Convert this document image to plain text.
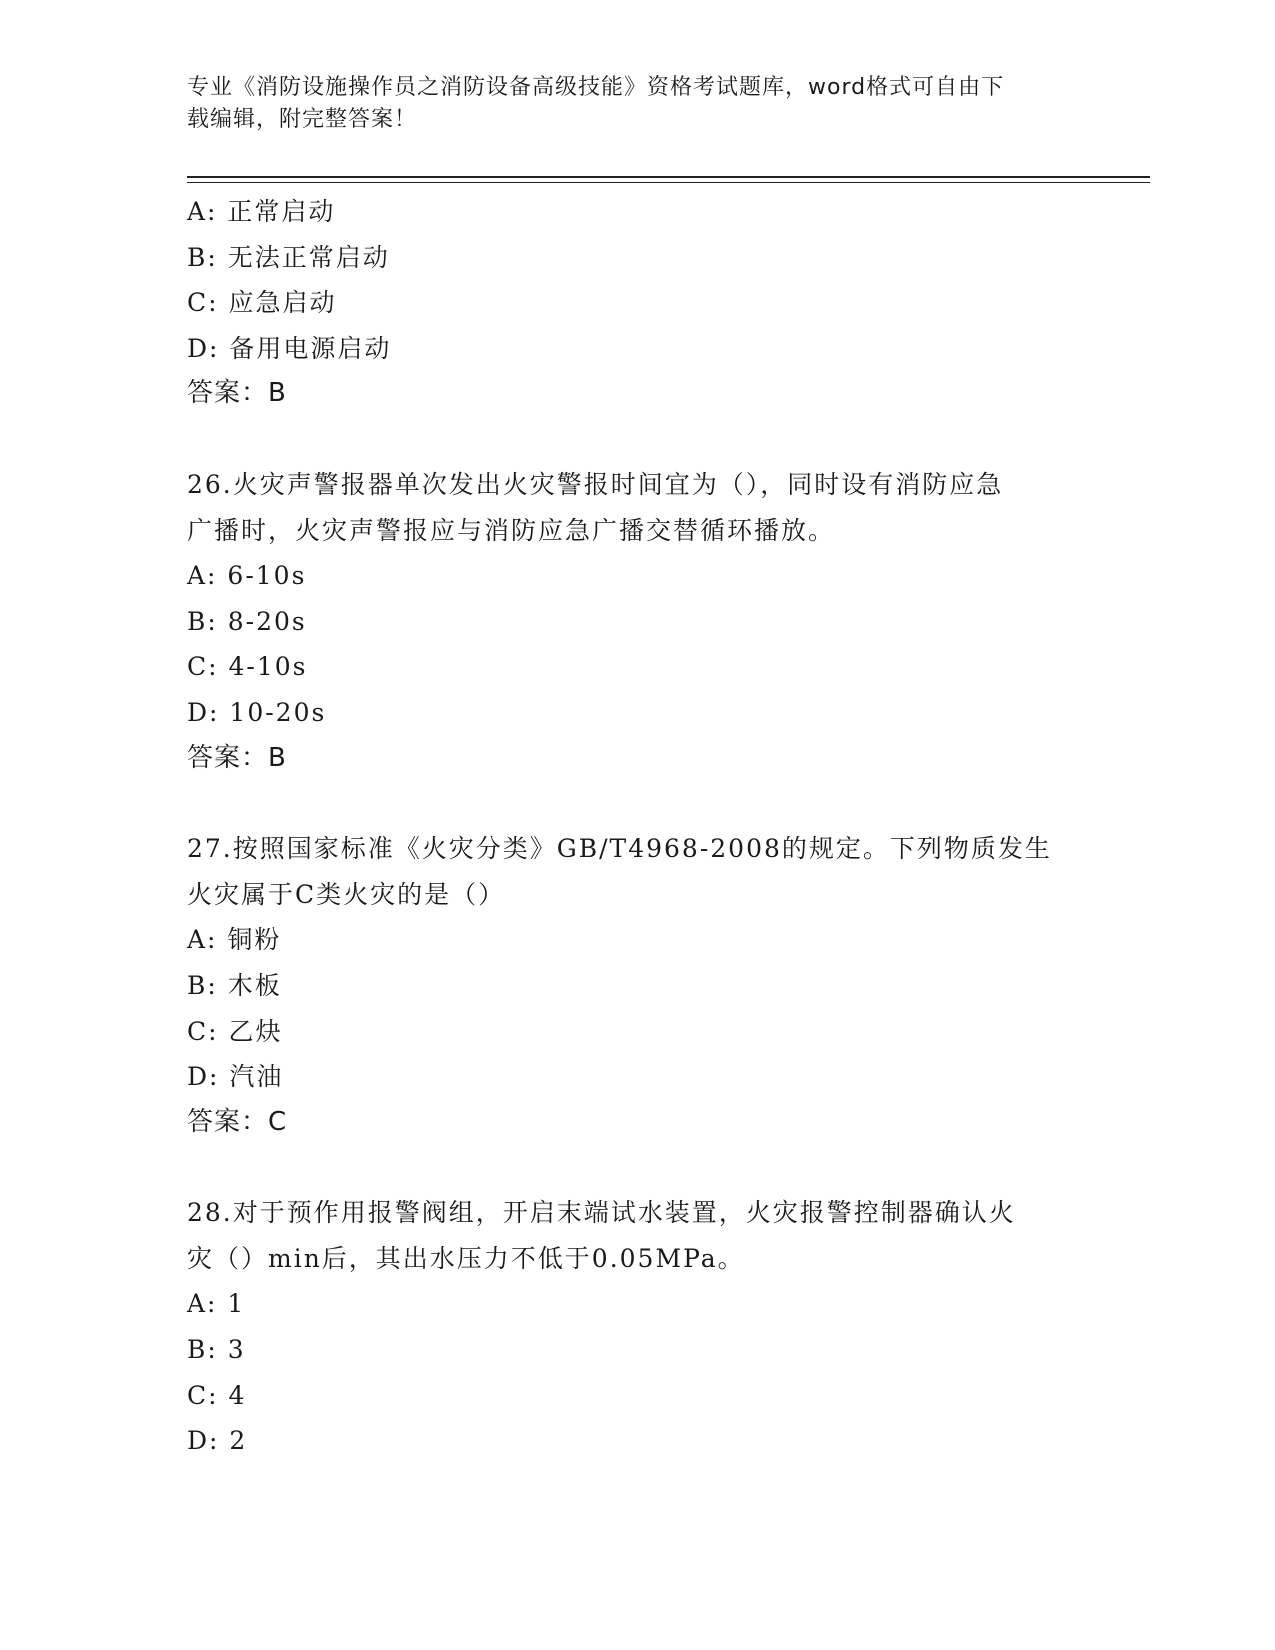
专业《消防设施操作员之消防设备高级技能》资格考试题库，word格式可自由下
载编辑，附完整答案！
A: 正常启动
B: 无法正常启动
C: 应急启动
D: 备用电源启动
答案：B
26.火灾声警报器单次发出火灾警报时间宜为（），同时设有消防应急
广播时，火灾声警报应与消防应急广播交替循环播放。
A: 6-10s
B: 8-20s
C: 4-10s
D: 10-20s
答案：B
27.按照国家标准《火灾分类》GB/T4968-2008的规定。下列物质发生
火灾属于C类火灾的是（）
A: 铜粉
B: 木板
C: 乙炔
D: 汽油
答案：C
28.对于预作用报警阀组，开启末端试水装置，火灾报警控制器确认火
灾（）min后，其出水压力不低于0.05MPa。
A: 1
B: 3
C: 4
D: 2
